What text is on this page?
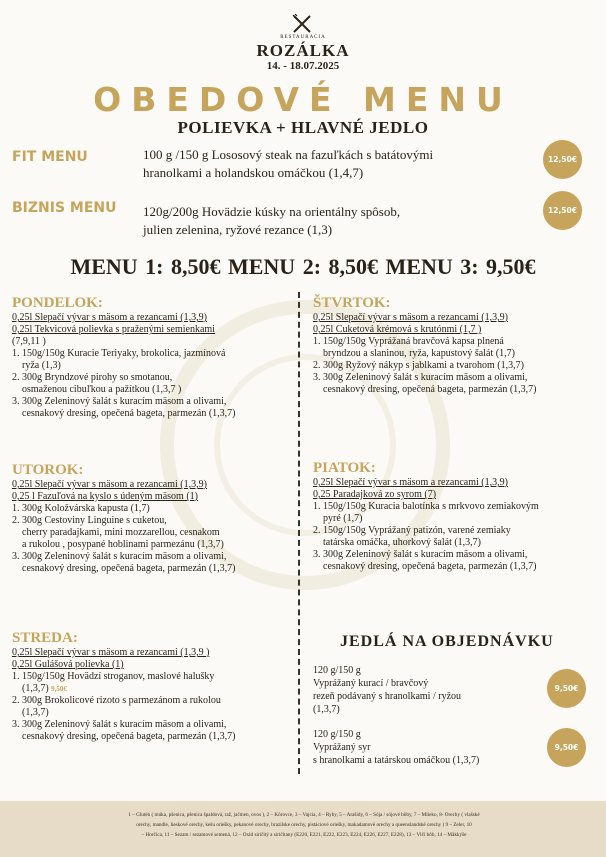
RESTAURACIA
ROZÁLKA
14. - 18.07.2025
OBEDOVÉ MENU
POLIEVKA + HLAVNÉ JEDLO
FIT MENU	100 g /150 g Lososový steak na fazuľkách s batátovými
hranolkami a holandskou omáčkou (1,4,7)
12,50€
BIZNIS MENU 120g/200g Hovädzie kúsky na orientálny spôsob,
julien zelenina, ryžové rezance (1,3)
12,50€
MENU 1: 8,50€ MENU 2: 8,50€ MENU 3: 9,50€
PONDELOK:
0,25l Slepačí vývar s mäsom a rezancami (1,3,9)
0,25l Tekvicová polievka s praženými semienkami
(7,9,11 )
1. 150g/150g Kuracie Teriyaky, brokolica, jazmínová
ryža (1,3)
2. 300g Bryndzové pirohy so smotanou,
osmaženou cibuľkou a pažítkou (1,3,7 )
3. 300g Zeleninový šalát s kuracím mäsom a olivami,
cesnakový dresing, opečená bageta, parmezán (1,3,7)
UTOROK:
0,25l Slepačí vývar s mäsom a rezancami (1,3,9)
0,25 l Fazuľová na kyslo s údeným mäsom (1)
1. 300g Koložvárska kapusta (1,7)
2. 300g Cestoviny Linguine s cuketou,
cherry paradajkami, mini mozzarellou, cesnakom
a rukolou , posypané hoblinami parmezánu (1,3,7)
3. 300g Zeleninový šalát s kuracím mäsom a olivami,
cesnakový dresing, opečená bageta, parmezán (1,3,7)
STREDA:
0,25l Slepačí vývar s mäsom a rezancami (1,3,9 )
0,25l Gulášová polievka (1)
1. 150g/150g Hovädzí stroganov, maslové halušky
(1,3,7) 9,50€
2. 300g Brokolicové rizoto s parmezánom a rukolou
(1,3,7)
3. 300g Zeleninový šalát s kuracím mäsom a olivami,
cesnakový dresing, opečená bageta, parmezán (1,3,7)
ŠTVRTOK:
0,25l Slepačí vývar s mäsom a rezancami (1,3,9)
0,25l Cuketová krémová s krutónmi (1,7 )
1. 150g/150g Vyprážaná bravčová kapsa plnená
bryndzou a slaninou, ryža, kapustový šalát (1,7)
2. 300g Ryžový nákyp s jablkami a tvarohom (1,3,7)
3. 300g Zeleninový šalát s kuracím mäsom a olivami,
cesnakový dresing, opečená bageta, parmezán (1,3,7)
PIATOK:
0,25l Slepačí vývar s mäsom a rezancami (1,3,9)
0,25 Paradajková zo syrom (7)
1. 150g/150g Kuracia balotínka s mrkvovo zemiakovým
pyré (1,7)
2. 150g/150g Vyprážaný patizón, varené zemiaky
tatárska omáčka, uhorkový šalát (1,3,7)
3. 300g Zeleninový šalát s kuracím mäsom a olivami,
cesnakový dresing, opečená bageta, parmezán (1,3,7)
JEDLÁ NA OBJEDNÁVKU
120 g/150 g
Vyprážaný kurací / bravčový
rezeň podávaný s hranolkami / ryžou
(1,3,7)
9,50€
120 g/150 g
Vyprážaný syr
s hranolkami a tatárskou omáčkou (1,3,7)
9,50€
1 – Glutén ( múka, pšenica, pšenica špaldová, raž, jačmen, ovos ), 2 – Kôrovce, 3 – Vajcia, 4 – Ryby, 5 – Arašidy, 6 – Sója / sójové bôby, 7 – Mlieko, 8- Orechy ( vlašské
orechy, mandle, lieskové orechy, kešu oriešky, pekanové orechy, brazílske orechy, pistáciové oriešky, makadamové orechy a queenslandské orechy ) 9 – Zeler, 10
– Horčica, 11 – Sezam / sezamové semená, 12 – Oxid siričitý a siričitany (E220, E221, E222, E223, E224, E226, E227, E228), 13 – Vlčí bôb, 14 – Mäkkýše
